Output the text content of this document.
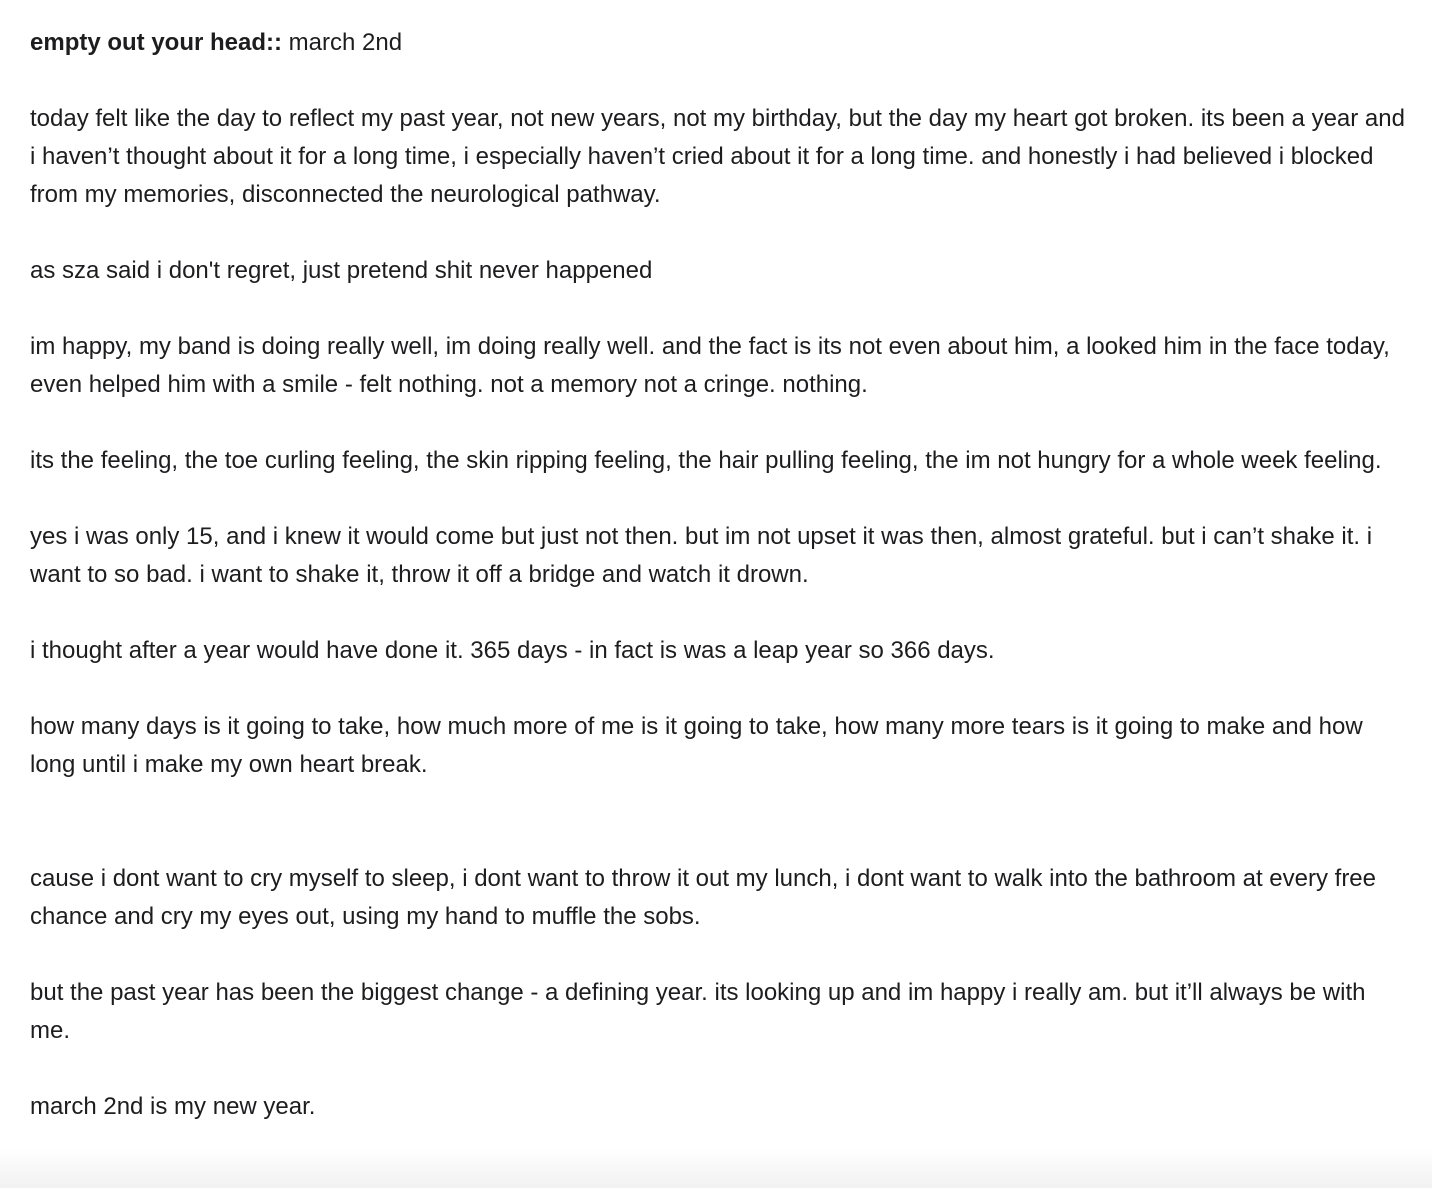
empty out your head:: march 2nd

today felt like the day to reflect my past year, not new years, not my birthday, but the day my heart got broken. its been a year and i haven’t thought about it for a long time, i especially haven’t cried about it for a long time. and honestly i had believed i blocked from my memories, disconnected the neurological pathway.

as sza said i don't regret, just pretend shit never happened

im happy, my band is doing really well, im doing really well. and the fact is its not even about him, a looked him in the face today, even helped him with a smile - felt nothing. not a memory not a cringe. nothing.

its the feeling, the toe curling feeling, the skin ripping feeling, the hair pulling feeling, the im not hungry for a whole week feeling.

yes i was only 15, and i knew it would come but just not then. but im not upset it was then, almost grateful. but i can’t shake it. i want to so bad. i want to shake it, throw it off a bridge and watch it drown.

i thought after a year would have done it. 365 days - in fact is was a leap year so 366 days.

how many days is it going to take, how much more of me is it going to take, how many more tears is it going to make and how long until i make my own heart break.

cause i dont want to cry myself to sleep, i dont want to throw it out my lunch, i dont want to walk into the bathroom at every free chance and cry my eyes out, using my hand to muffle the sobs.

but the past year has been the biggest change - a defining year. its looking up and im happy i really am. but it’ll always be with me.

march 2nd is my new year.
